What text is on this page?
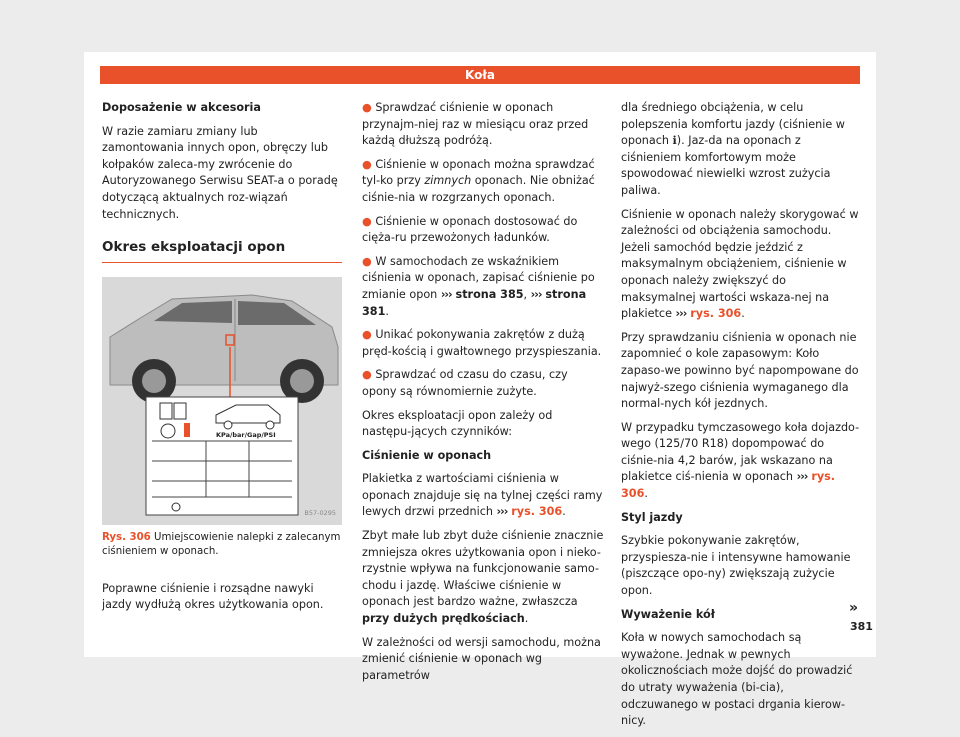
Koła

Doposażenie w akcesoria

W razie zamiaru zmiany lub zamontowania innych opon, obręczy lub kołpaków zaleca-my zwrócenie do Autoryzowanego Serwisu SEAT-a o poradę dotyczącą aktualnych roz-wiązań technicznych.

Okres eksploatacji opon
KPa/bar/Gap/PSI
B57-0295
Rys. 306 Umiejscowienie nalepki z zalecanym ciśnieniem w oponach.

Poprawne ciśnienie i rozsądne nawyki jazdy wydłużą okres użytkowania opon.

● Sprawdzać ciśnienie w oponach przynajm-niej raz w miesiącu oraz przed każdą dłuższą podróżą.

● Ciśnienie w oponach można sprawdzać tyl-ko przy zimnych oponach. Nie obniżać ciśnie-nia w rozgrzanych oponach.

● Ciśnienie w oponach dostosować do cięża-ru przewożonych ładunków.

● W samochodach ze wskaźnikiem ciśnienia w oponach, zapisać ciśnienie po zmianie opon ››› strona 385, ››› strona 381.

● Unikać pokonywania zakrętów z dużą pręd-kością i gwałtownego przyspieszania.

● Sprawdzać od czasu do czasu, czy opony są równomiernie zużyte.

Okres eksploatacji opon zależy od następu-jących czynników:

Ciśnienie w oponach

Plakietka z wartościami ciśnienia w oponach znajduje się na tylnej części ramy lewych drzwi przednich ››› rys. 306.

Zbyt małe lub zbyt duże ciśnienie znacznie zmniejsza okres użytkowania opon i nieko-rzystnie wpływa na funkcjonowanie samo-chodu i jazdę. Właściwe ciśnienie w oponach jest bardzo ważne, zwłaszcza przy dużych prędkościach.

W zależności od wersji samochodu, można zmienić ciśnienie w oponach wg parametrów

dla średniego obciążenia, w celu polepszenia komfortu jazdy (ciśnienie w oponach ℹ). Jaz-da na oponach z ciśnieniem komfortowym może spowodować niewielki wzrost zużycia paliwa.

Ciśnienie w oponach należy skorygować w zależności od obciążenia samochodu. Jeżeli samochód będzie jeździć z maksymalnym obciążeniem, ciśnienie w oponach należy zwiększyć do maksymalnej wartości wskaza-nej na plakietce ››› rys. 306.

Przy sprawdzaniu ciśnienia w oponach nie zapomnieć o kole zapasowym: Koło zapaso-we powinno być napompowane do najwyż-szego ciśnienia wymaganego dla normal-nych kół jezdnych.

W przypadku tymczasowego koła dojazdo-wego (125/70 R18) dopompować do ciśnie-nia 4,2 barów, jak wskazano na plakietce ciś-nienia w oponach ››› rys. 306.

Styl jazdy

Szybkie pokonywanie zakrętów, przyspiesza-nie i intensywne hamowanie (piszczące opo-ny) zwiększają zużycie opon.

Wyważenie kół

Koła w nowych samochodach są wyważone. Jednak w pewnych okolicznościach może dojść do prowadzić do utraty wyważenia (bi-cia), odczuwanego w postaci drgania kierow-nicy.

»
381
